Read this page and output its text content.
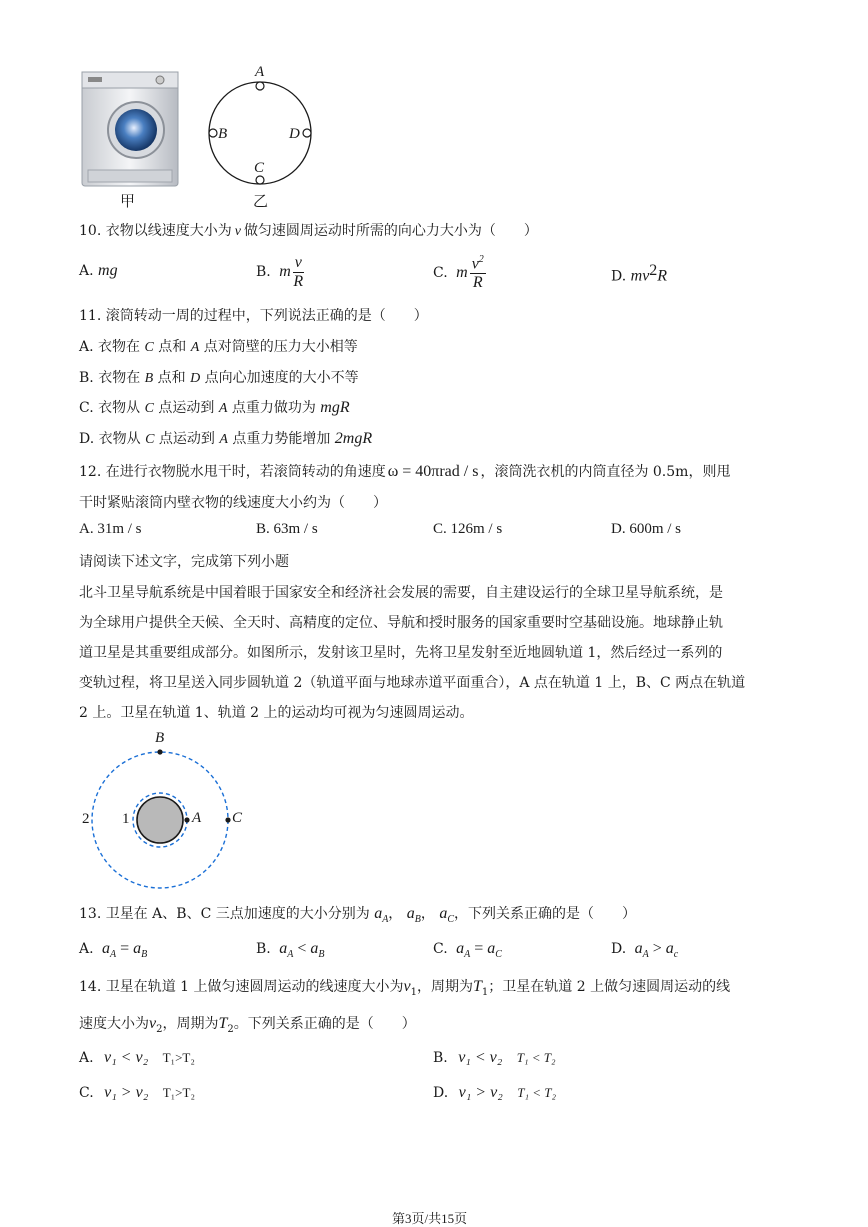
甲
A
B	D
C
乙
10. 衣物以线速度大小为 v 做匀速圆周运动时所需的向心力大小为（　　）
A. mg	B. m $\frac{v}{R}$	C. m $\frac{v^2}{R}$	D. $mv^2R$
11. 滚筒转动一周的过程中，下列说法正确的是（　　）
A. 衣物在 C 点和 A 点对筒壁的压力大小相等
B. 衣物在 B 点和 D 点向心加速度的大小不等
C. 衣物从 C 点运动到 A 点重力做功为 mgR
D. 衣物从 C 点运动到 A 点重力势能增加 2mgR
12. 在进行衣物脱水甩干时，若滚筒转动的角速度 ω = 40πrad / s ，滚筒洗衣机的内筒直径为 0.5m，则甩
干时紧贴滚筒内壁衣物的线速度大小约为（　　）
A. 31m / s	B. 63m / s	C. 126m / s	D. 600m / s
请阅读下述文字，完成第下列小题
北斗卫星导航系统是中国着眼于国家安全和经济社会发展的需要，自主建设运行的全球卫星导航系统，是
为全球用户提供全天候、全天时、高精度的定位、导航和授时服务的国家重要时空基础设施。地球静止轨
道卫星是其重要组成部分。如图所示，发射该卫星时，先将卫星发射至近地圆轨道 1，然后经过一系列的
变轨过程，将卫星送入同步圆轨道 2（轨道平面与地球赤道平面重合），A 点在轨道 1 上，B、C 两点在轨道
2 上。卫星在轨道 1、轨道 2 上的运动均可视为匀速圆周运动。
B
A C
1
2
13. 卫星在 A、B、C 三点加速度的大小分别为 $a_A$， $a_B$， $a_C$，下列关系正确的是（　　）
A. $a_A = a_B$	B. $a_A < a_B$	C. $a_A = a_C$	D. $a_A > a_c$
14. 卫星在轨道 1 上做匀速圆周运动的线速度大小为$v_1$，周期为$T_1$；卫星在轨道 2 上做匀速圆周运动的线
速度大小为$v_2$，周期为$T_2$。下列关系正确的是（　　）
A. v₁ < v₂ T₁>T₂	B. v₁ < v₂ T₁ < T₂
C. v₁ > v₂ T₁>T₂	D. v₁ > v₂ T₁ < T₂
第3页/共15页
